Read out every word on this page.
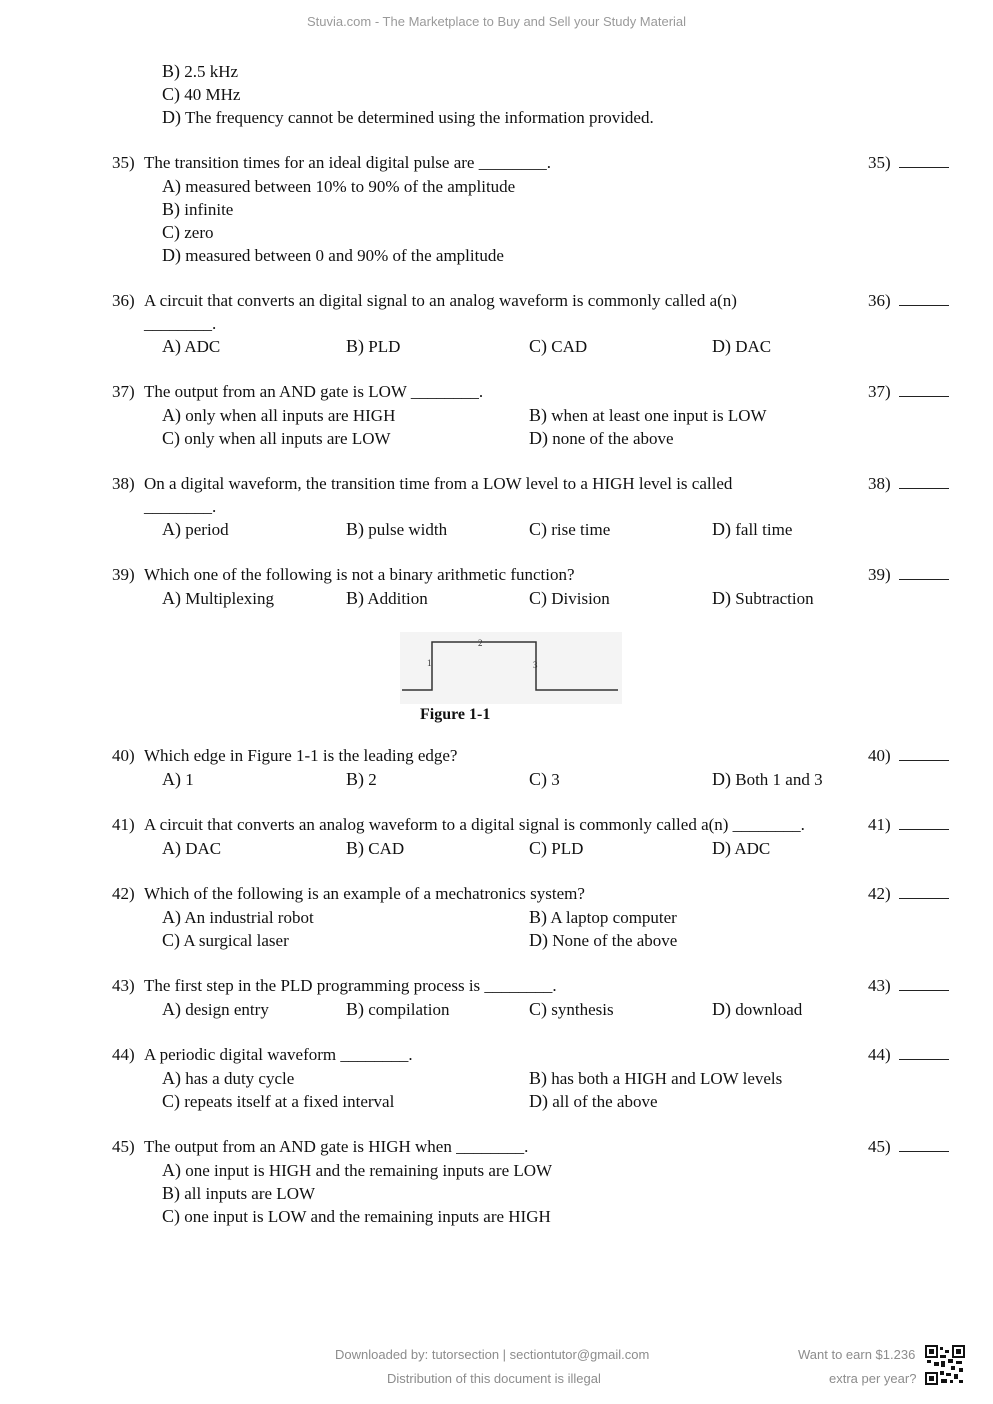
Stuvia.com - The Marketplace to Buy and Sell your Study Material
B) 2.5 kHz
C) 40 MHz
D) The frequency cannot be determined using the information provided.
35) The transition times for an ideal digital pulse are ________.	35)
A) measured between 10% to 90% of the amplitude
B) infinite
C) zero
D) measured between 0 and 90% of the amplitude
36) A circuit that converts an digital signal to an analog waveform is commonly called a(n)
________.
36)
A) ADC	B) PLD	C) CAD	D) DAC
37) The output from an AND gate is LOW ________.	37)
A) only when all inputs are HIGH	B) when at least one input is LOW
C) only when all inputs are LOW	D) none of the above
38) On a digital waveform, the transition time from a LOW level to a HIGH level is called
________.
38)
A) period	B) pulse width	C) rise time	D) fall time
39) Which one of the following is not a binary arithmetic function?	39)
A) Multiplexing	B) Addition	C) Division	D) Subtraction
1
2
3
Figure 1-1
40) Which edge in Figure 1-1 is the leading edge?	40)
A) 1	B) 2	C) 3	D) Both 1 and 3
41) A circuit that converts an analog waveform to a digital signal is commonly called a(n) ________.	41)
A) DAC	B) CAD	C) PLD	D) ADC
42) Which of the following is an example of a mechatronics system?	42)
A) An industrial robot	B) A laptop computer
C) A surgical laser	D) None of the above
43) The first step in the PLD programming process is ________.	43)
A) design entry	B) compilation	C) synthesis	D) download
44) A periodic digital waveform ________.	44)
A) has a duty cycle	B) has both a HIGH and LOW levels
C) repeats itself at a fixed interval	D) all of the above
45) The output from an AND gate is HIGH when ________.	45)
A) one input is HIGH and the remaining inputs are LOW
B) all inputs are LOW
C) one input is LOW and the remaining inputs are HIGH
Downloaded by: tutorsection | sectiontutor@gmail.com
Distribution of this document is illegal
Want to earn $1.236
extra per year?
